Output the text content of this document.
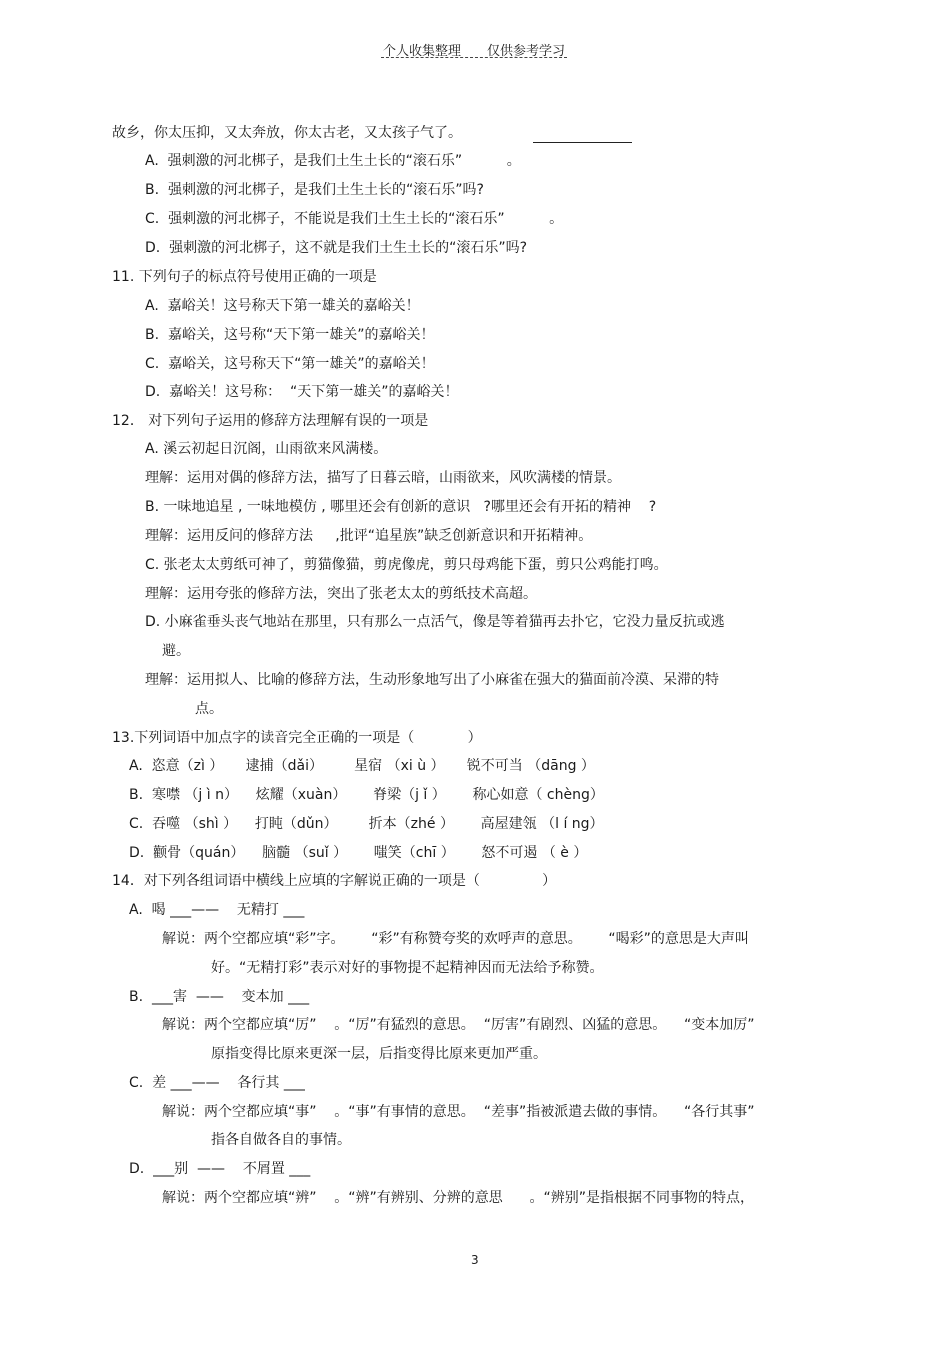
个人收集整理 仅供参考学习
故乡，你太压抑，又太奔放，你太古老，又太孩子气了。
A.  强刺激的河北梆子，是我们土生土长的“滚石乐”          。
B.  强刺激的河北梆子，是我们土生土长的“滚石乐”吗?
C.  强刺激的河北梆子，不能说是我们土生土长的“滚石乐”          。
D.  强刺激的河北梆子，这不就是我们土生土长的“滚石乐”吗?
11. 下列句子的标点符号使用正确的一项是
A.  嘉峪关！这号称天下第一雄关的嘉峪关！
B.  嘉峪关，这号称“天下第一雄关”的嘉峪关！
C.  嘉峪关，这号称天下“第一雄关”的嘉峪关！
D.  嘉峪关！这号称：  “天下第一雄关”的嘉峪关！
12． 对下列句子运用的修辞方法理解有误的一项是
A. 溪云初起日沉阁，山雨欲来风满楼。
理解：运用对偶的修辞方法，描写了日暮云暗，山雨欲来，风吹满楼的情景。
B. 一味地追星 , 一味地模仿 , 哪里还会有创新的意识   ?哪里还会有开拓的精神    ?
理解：运用反问的修辞方法     ,批评“追星族”缺乏创新意识和开拓精神。
C. 张老太太剪纸可神了，剪猫像猫，剪虎像虎，剪只母鸡能下蛋，剪只公鸡能打鸣。
理解：运用夸张的修辞方法，突出了张老太太的剪纸技术高超。
D. 小麻雀垂头丧气地站在那里，只有那么一点活气，像是等着猫再去扑它，它没力量反抗或逃
避。
理解：运用拟人、比喻的修辞方法，生动形象地写出了小麻雀在强大的猫面前冷漠、呆滞的特
点。
13.下列词语中加点字的读音完全正确的一项是（            ）
A.  恣意（zì ）     逮捕（dǎi）       星宿 （xi ù ）     锐不可当 （dāng ）
B.  寒噤 （j ì n）    炫耀（xuàn）      脊梁（j ǐ ）      称心如意（ chèng）
C.  吞噬 （shì ）    打盹（dǔn）       折本（zhé ）      高屋建瓴 （l í ng）
D.  颧骨（quán）    脑髓 （suǐ ）      嗤笑（chī ）      怒不可遏 （ è ）
14．对下列各组词语中横线上应填的字解说正确的一项是（              ）
A.  喝 ___——    无精打 ___
解说：两个空都应填“彩”字。      “彩”有称赞夸奖的欢呼声的意思。      “喝彩”的意思是大声叫
好。“无精打彩”表示对好的事物提不起精神因而无法给予称赞。
B.  ___害  ——    变本加 ___
解说：两个空都应填“厉”    。“厉”有猛烈的意思。  “厉害”有剧烈、凶猛的意思。    “变本加厉”
原指变得比原来更深一层，后指变得比原来更加严重。
C.  差 ___——    各行其 ___
解说：两个空都应填“事”    。“事”有事情的意思。  “差事”指被派遣去做的事情。    “各行其事”
指各自做各自的事情。
D.  ___别  ——    不屑置 ___
解说：两个空都应填“辨”    。“辨”有辨别、分辨的意思      。“辨别”是指根据不同事物的特点，
3
